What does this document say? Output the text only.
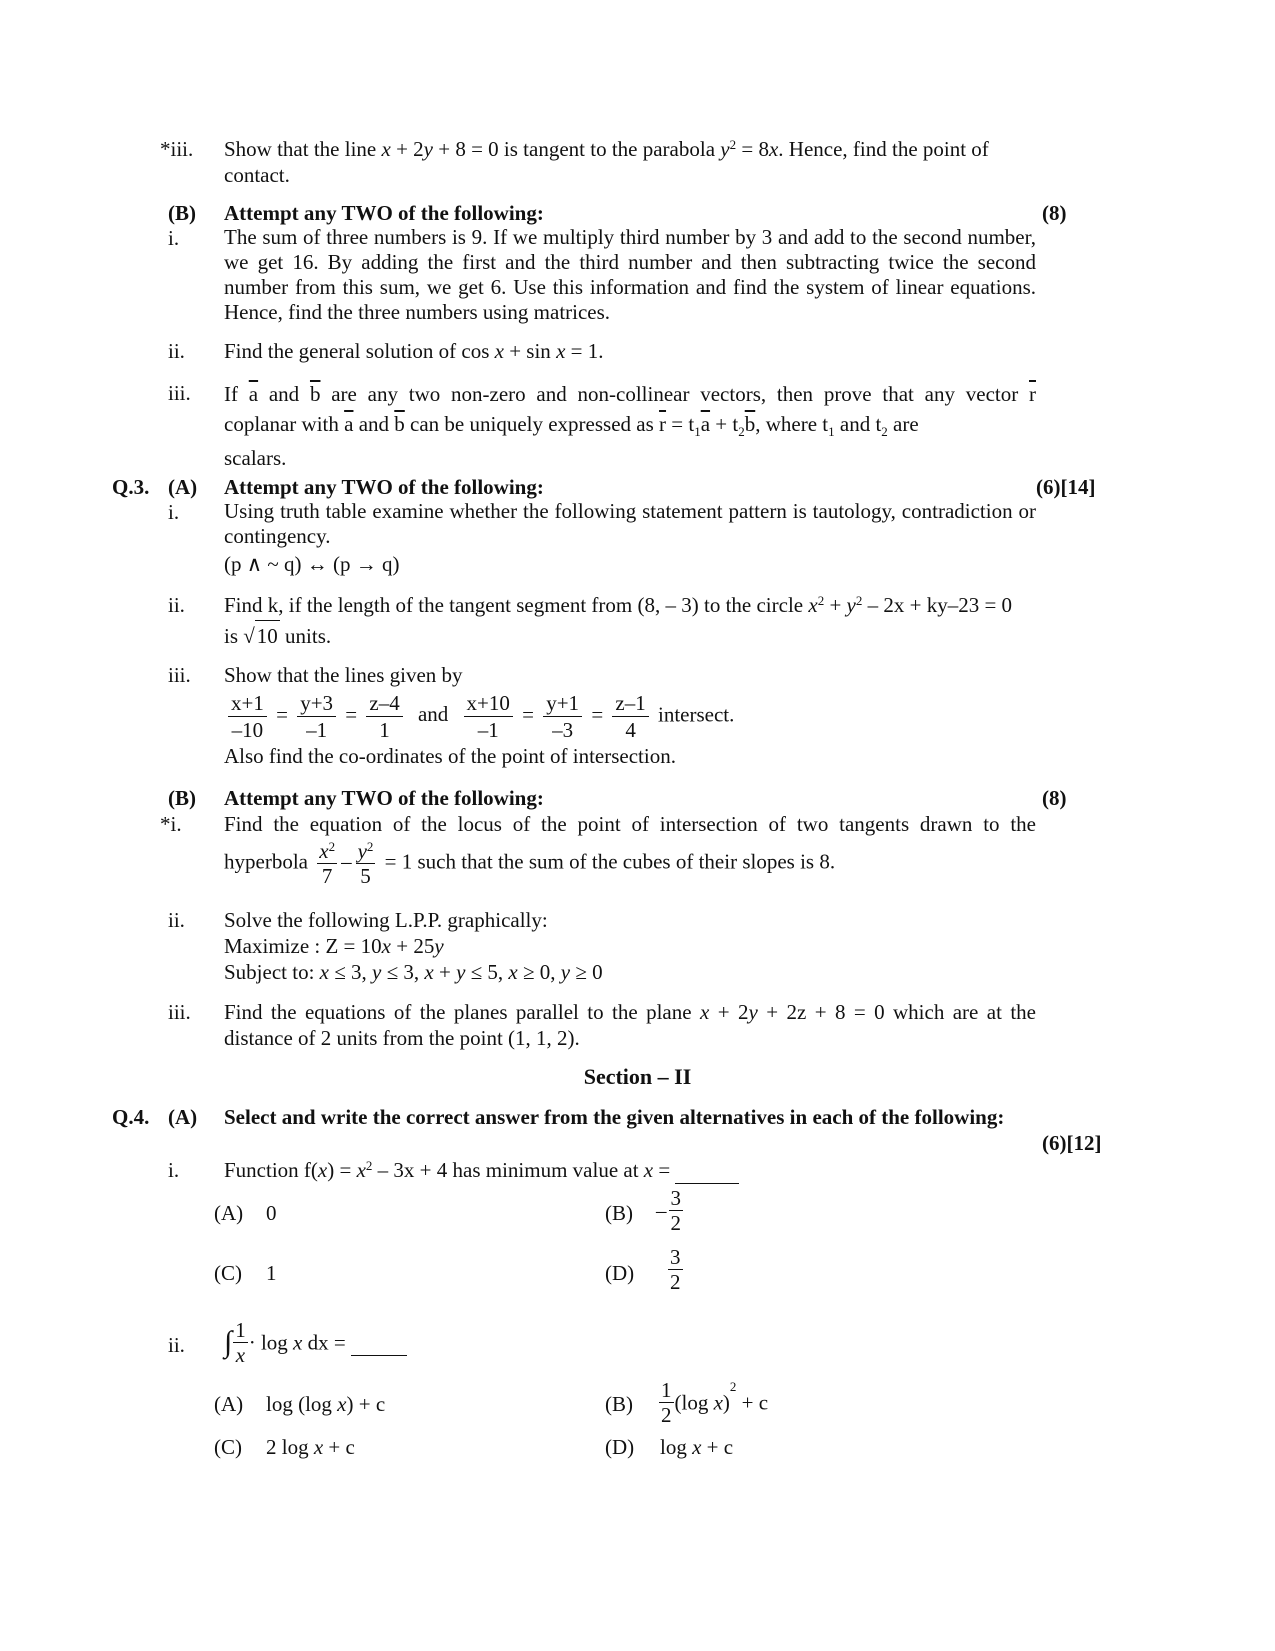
*iii. Show that the line x + 2y + 8 = 0 is tangent to the parabola $y^2 = 8x$. Hence, find the point of

contact.

(B) Attempt any TWO of the following:	(8)
i. The sum of three numbers is 9. If we multiply third number by 3 and add to the second number, we get 16. By adding the first and the third number and then subtracting twice the second number from this sum, we get 6. Use this information and find the system of linear equations. Hence, find the three numbers using matrices.
ii. Find the general solution of cos x + sin x = 1.
iii. If $\overline{a}$ and $\overline{b}$ are any two non-zero and non-collinear vectors, then prove that any vector $\overline{r}$

coplanar with $\overline{a}$ and $\overline{b}$ can be uniquely expressed as $\overline{r} = t_1\overline{a} + t_2\overline{b}$, where $t_1$ and $t_2$ are

scalars.

Q.3. (A) Attempt any TWO of the following:	(6)[14]
i. Using truth table examine whether the following statement pattern is tautology, contradiction or contingency.

(p ∧ ~ q) ↔ (p → q)

ii. Find k, if the length of the tangent segment from (8, – 3) to the circle $x^2 + y^2 - 2x + ky-23 = 0$

is √10 units.

iii. Show that the lines given by

$\frac{x+1}{-10} = \frac{y+3}{-1} = \frac{z-4}{1}$ and $\frac{x+10}{-1} = \frac{y+1}{-3} = \frac{z-1}{4}$ intersect.

Also find the co-ordinates of the point of intersection.

(B) Attempt any TWO of the following:	(8)
*i. Find the equation of the locus of the point of intersection of two tangents drawn to the

hyperbola $\frac{x^2}{7} - \frac{y^2}{5} = 1$ such that the sum of the cubes of their slopes is 8.
ii. Solve the following L.P.P. graphically:

Maximize : Z = 10x + 25y

Subject to: x ≤ 3, y ≤ 3, x + y ≤ 5, x ≥ 0, y ≥ 0

iii. Find the equations of the planes parallel to the plane x + 2y + 2z + 8 = 0 which are at the

distance of 2 units from the point (1, 1, 2).

Section – II
Q.4. (A) Select and write the correct answer from the given alternatives in each of the following:
(6)[12]
i. Function $f(x) = x^2 - 3x + 4$ has minimum value at x =
(A) 0	$(B) - \frac{3}{2}$
(C) 1	$(D) \frac{3}{2}$
ii. ∫ $\frac{1}{x} \cdot \log x$ dx =
(A) log (log x) + c	$(B) \frac{1}{2} (\log$ x)$^2$ + c
(C) 2 log x + c	(D) log x + c
